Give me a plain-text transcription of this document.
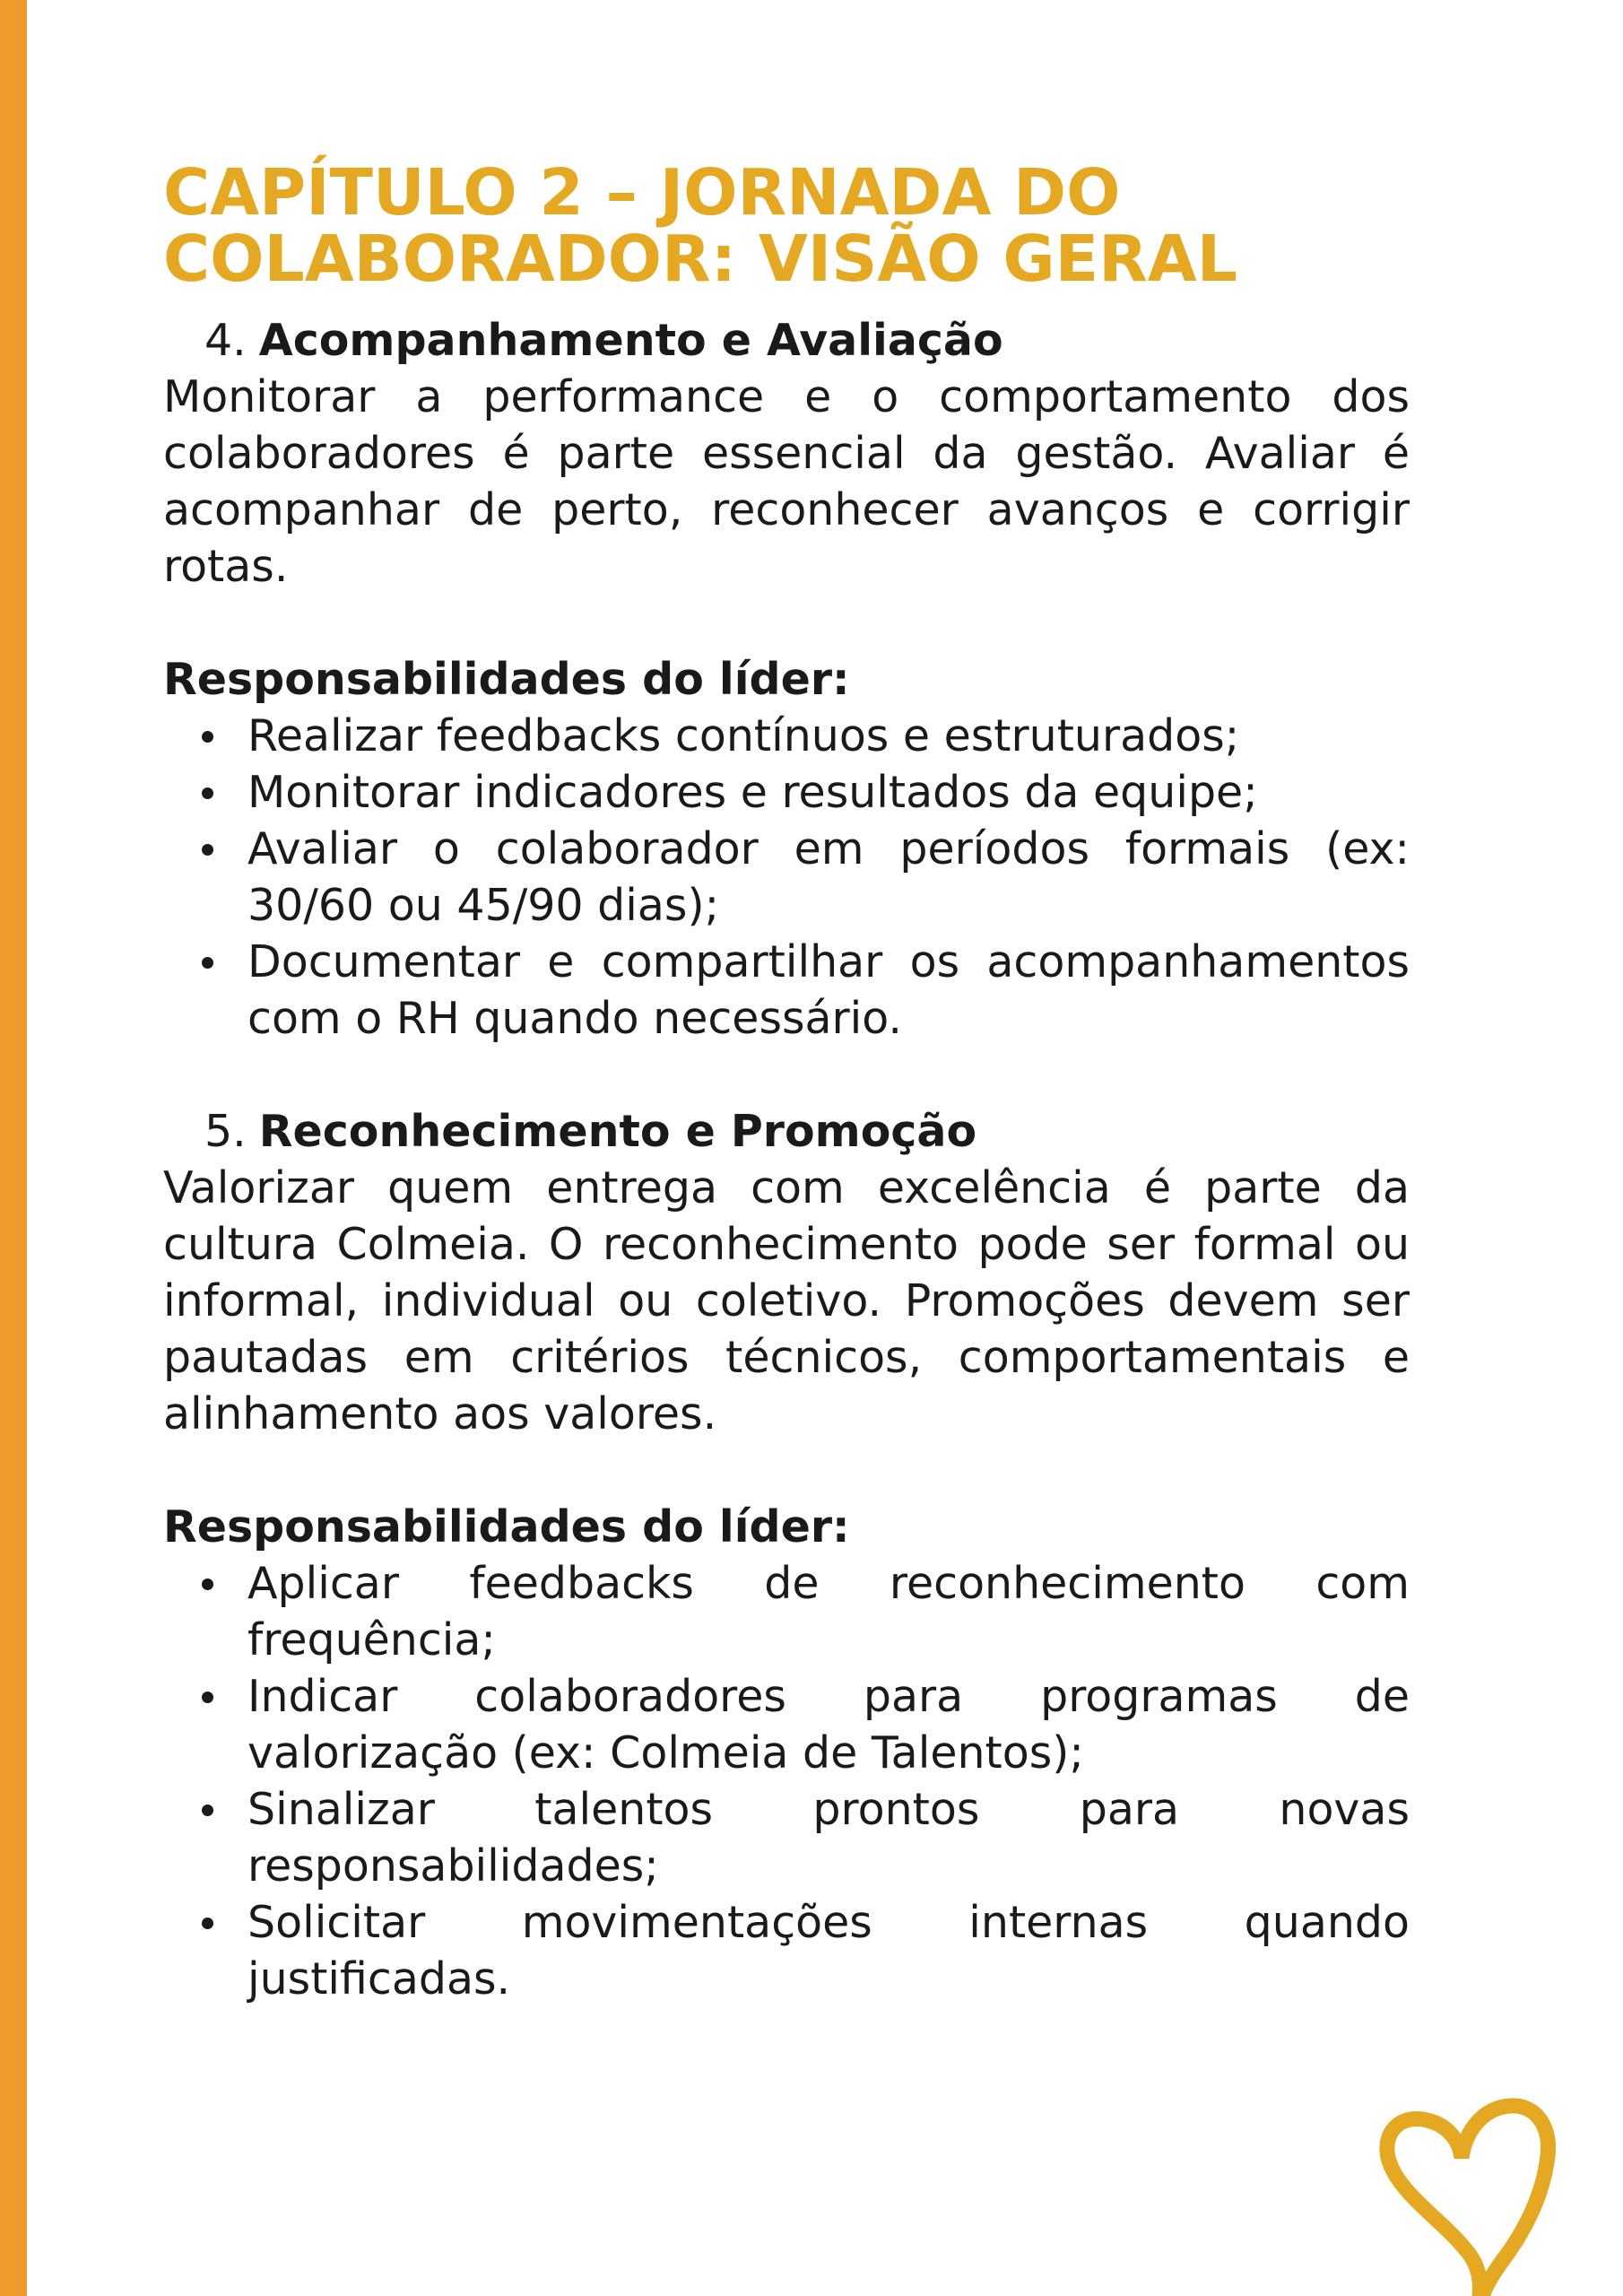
CAPÍTULO 2 – JORNADA DO
COLABORADOR: VISÃO GERAL
4. Acompanhamento e Avaliação

Monitorar a performance e o comportamento dos colaboradores é parte essencial da gestão. Avaliar é acompanhar de perto, reconhecer avanços e corrigir rotas.

Responsabilidades do líder:
Realizar feedbacks contínuos e estruturados;
Monitorar indicadores e resultados da equipe;
Avaliar o colaborador em períodos formais (ex: 30/60 ou 45/90 dias);
Documentar e compartilhar os acompanhamentos com o RH quando necessário.
5. Reconhecimento e Promoção

Valorizar quem entrega com excelência é parte da cultura Colmeia. O reconhecimento pode ser formal ou informal, individual ou coletivo. Promoções devem ser pautadas em critérios técnicos, comportamentais e alinhamento aos valores.

Responsabilidades do líder:
Aplicar feedbacks de reconhecimento com frequência;
Indicar colaboradores para programas de valorização (ex: Colmeia de Talentos);
Sinalizar talentos prontos para novas responsabilidades;
Solicitar movimentações internas quando justificadas.
